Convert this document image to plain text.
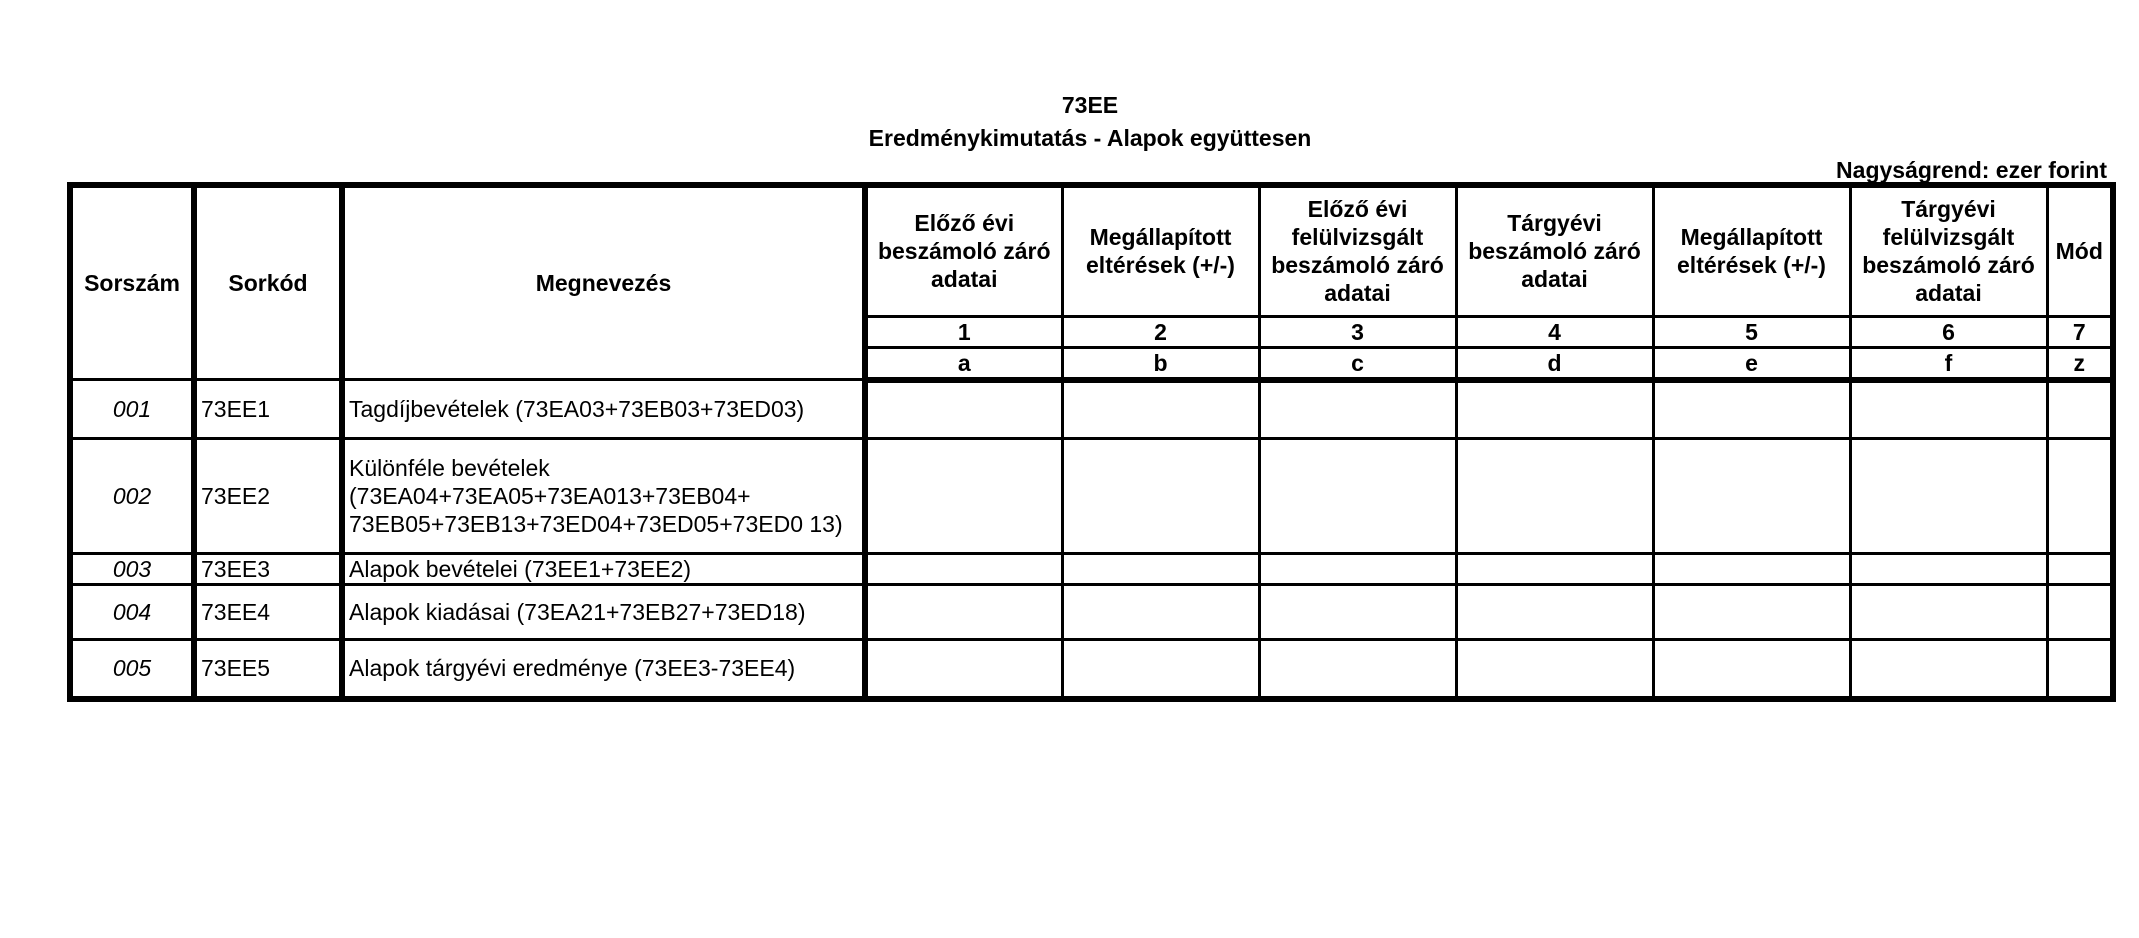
73EE
Eredménykimutatás - Alapok együttesen
Nagyságrend: ezer forint
Sorszám	Sorkód	Megnevezés	Előző évi beszámoló záró adatai	Megállapított eltérések (+/-)	Előző évi felülvizsgált beszámoló záró adatai	Tárgyévi beszámoló záró adatai	Megállapított eltérések (+/-)	Tárgyévi felülvizsgált beszámoló záró adatai	Mód
			1	2	3	4	5	6	7
			a	b	c	d	e	f	z
001	73EE1	Tagdíjbevételek (73EA03+73EB03+73ED03)							
002	73EE2	Különféle bevételek (73EA04+73EA05+73EA013+73EB04+ 73EB05+73EB13+73ED04+73ED05+73ED0 13)							
003	73EE3	Alapok bevételei (73EE1+73EE2)							
004	73EE4	Alapok kiadásai (73EA21+73EB27+73ED18)							
005	73EE5	Alapok tárgyévi eredménye (73EE3-73EE4)							
